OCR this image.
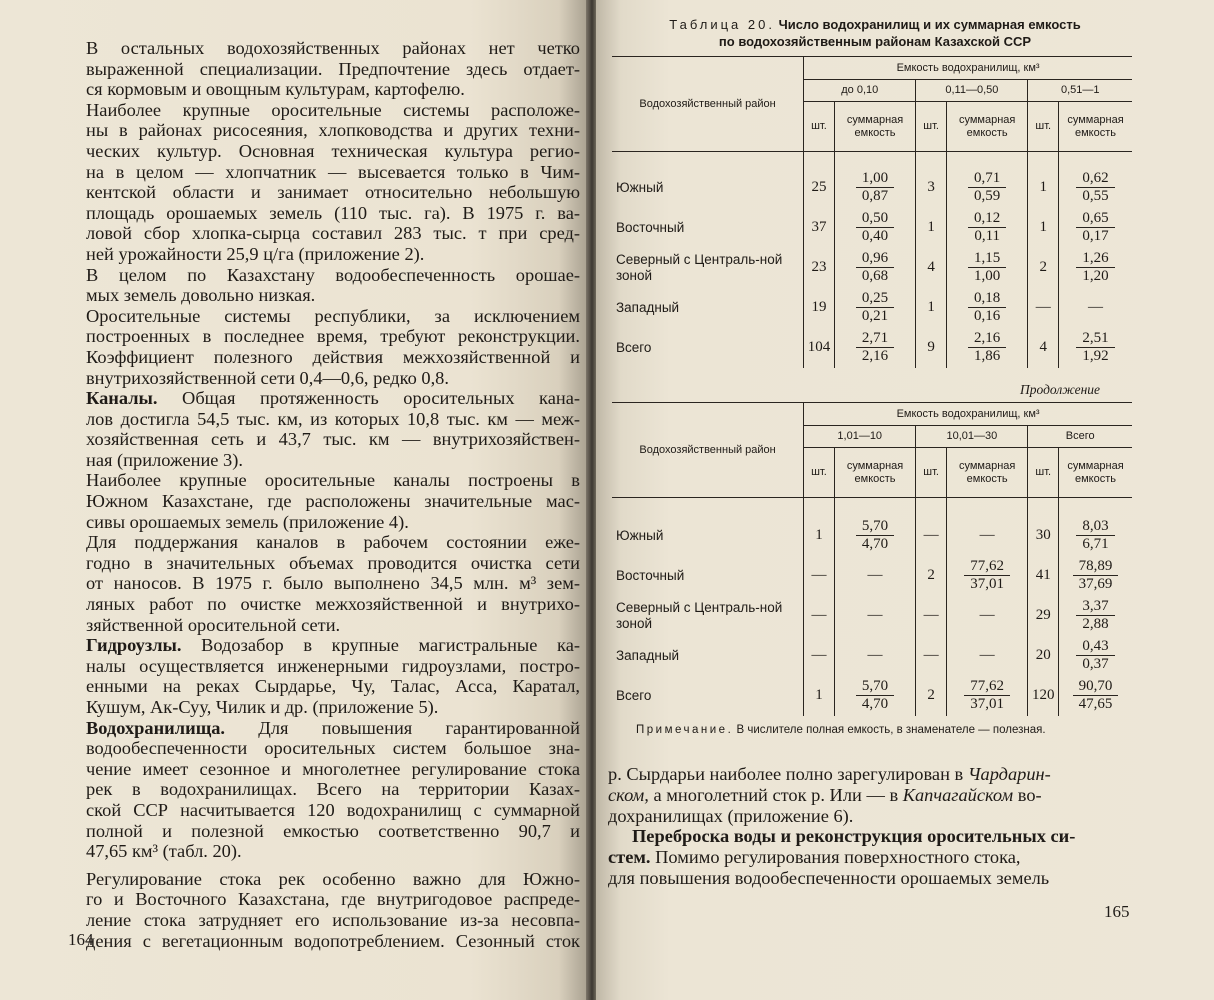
В остальных водохозяйственных районах нет четко
выраженной специализации. Предпочтение здесь отдает-
ся кормовым и овощным культурам, картофелю.
Наиболее крупные оросительные системы расположе-
ны в районах рисосеяния, хлопководства и других техни-
ческих культур. Основная техническая культура регио-
на в целом — хлопчатник — высевается только в Чим-
кентской области и занимает относительно небольшую
площадь орошаемых земель (110 тыс. га). В 1975 г. ва-
ловой сбор хлопка-сырца составил 283 тыс. т при сред-
ней урожайности 25,9 ц/га (приложение 2).
В целом по Казахстану водообеспеченность орошае-
мых земель довольно низкая.
Оросительные системы республики, за исключением
построенных в последнее время, требуют реконструкции.
Коэффициент полезного действия межхозяйственной и
внутрихозяйственной сети 0,4—0,6, редко 0,8.
Каналы. Общая протяженность оросительных кана-
лов достигла 54,5 тыс. км, из которых 10,8 тыс. км — меж-
хозяйственная сеть и 43,7 тыс. км — внутрихозяйствен-
ная (приложение 3).
Наиболее крупные оросительные каналы построены в
Южном Казахстане, где расположены значительные мас-
сивы орошаемых земель (приложение 4).
Для поддержания каналов в рабочем состоянии еже-
годно в значительных объемах проводится очистка сети
от наносов. В 1975 г. было выполнено 34,5 млн. м³ зем-
ляных работ по очистке межхозяйственной и внутрихо-
зяйственной оросительной сети.
Гидроузлы. Водозабор в крупные магистральные ка-
налы осуществляется инженерными гидроузлами, постро-
енными на реках Сырдарье, Чу, Талас, Асса, Каратал,
Кушум, Ак-Суу, Чилик и др. (приложение 5).
Водохранилища. Для повышения гарантированной
водообеспеченности оросительных систем большое зна-
чение имеет сезонное и многолетнее регулирование стока
рек в водохранилищах. Всего на территории Казах-
ской ССР насчитывается 120 водохранилищ с суммарной
полной и полезной емкостью соответственно 90,7 и
47,65 км³ (табл. 20).
Регулирование стока рек особенно важно для Южно-
го и Восточного Казахстана, где внутригодовое распреде-
ление стока затрудняет его использование из-за несовпа-
дения с вегетационным водопотреблением. Сезонный сток
164
Таблица 20. Число водохранилищ и их суммарная емкость
по водохозяйственным районам Казахской ССР
Водохозяйственный район	Емкость водохранилищ, км³					
	до 0,10		0,11—0,50		0,51—1	
	шт.	суммарная емкость	шт.	суммарная емкость	шт.	суммарная емкость
Южный	25	$\frac{1,00}{0,87}$	3	$\frac{0,71}{0,59}$	1	$\frac{0,62}{0,55}$

Восточный	37	$\frac{0,50}{0,40}$	1	$\frac{0,12}{0,11}$	1	$\frac{0,65}{0,17}$

Северный с Централь-ной зоной	23	$\frac{0,96}{0,68}$	4	$\frac{1,15}{1,00}$	2	$\frac{1,26}{1,20}$

Западный	19	$\frac{0,25}{0,21}$	1	$\frac{0,18}{0,16}$	—	—

Всего	104	$\frac{2,71}{2,16}$	9	$\frac{2,16}{1,86}$	4	$\frac{2,51}{1,92}$
Продолжение
Водохозяйственный район	Емкость водохранилищ, км³					
	1,01—10		10,01—30		Всего	
	шт.	суммарная емкость	шт.	суммарная емкость	шт.	суммарная емкость
Южный	1	$\frac{5,70}{4,70}$	—	—	30	$\frac{8,03}{6,71}$

Восточный	—	—	2	$\frac{77,62}{37,01}$	41	$\frac{78,89}{37,69}$

Северный с Централь-ной зоной	—	—	—	—	29	$\frac{3,37}{2,88}$

Западный	—	—	—	—	20	$\frac{0,43}{0,37}$

Всего	1	$\frac{5,70}{4,70}$	2	$\frac{77,62}{37,01}$	120	$\frac{90,70}{47,65}$
Примечание. В числителе полная емкость, в знаменателе — полезная.
р. Сырдарьи наиболее полно зарегулирован в Чардарин-
ском, а многолетний сток р. Или — в Капчагайском во-
дохранилищах (приложение 6).
Переброска воды и реконструкция оросительных си-
стем. Помимо регулирования поверхностного стока,
для повышения водообеспеченности орошаемых земель
165
